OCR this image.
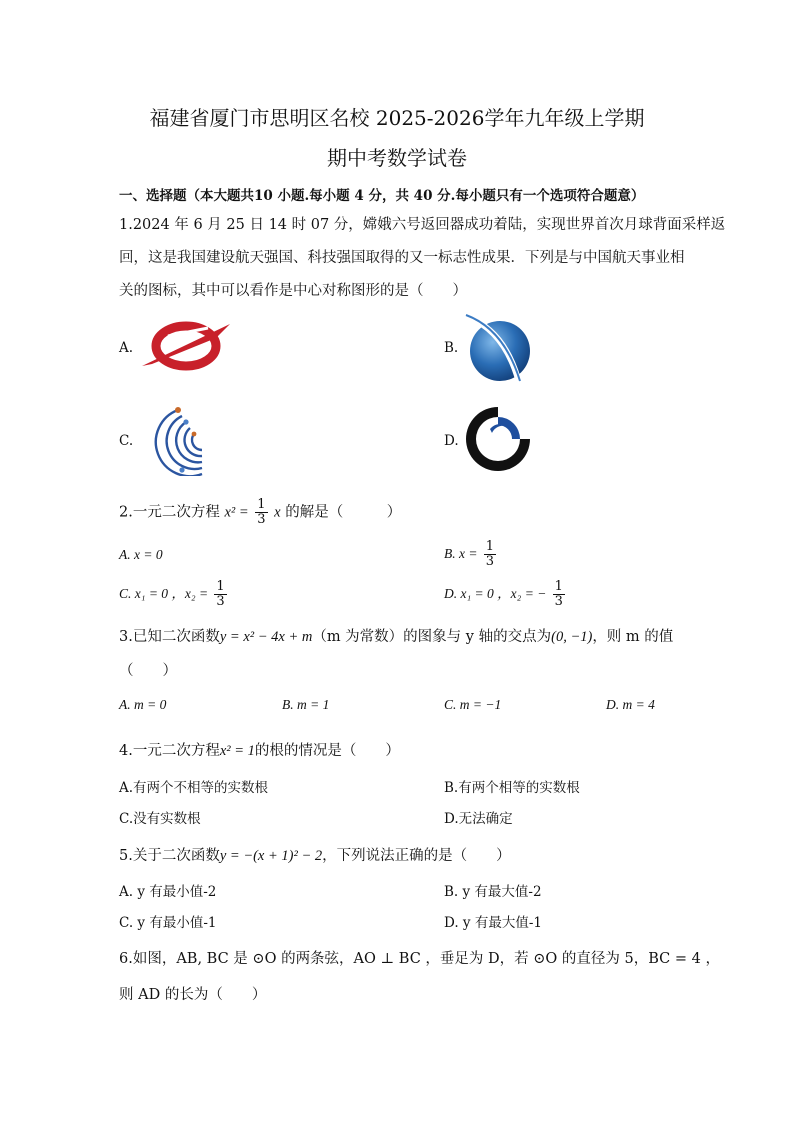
福建省厦门市思明区名校 2025-2026学年九年级上学期
期中考数学试卷
一、选择题（本大题共10 小题.每小题 4 分，共 40 分.每小题只有一个选项符合题意）
1.2024 年 6 月 25 日 14 时 07 分，嫦娥六号返回器成功着陆，实现世界首次月球背面采样返
回，这是我国建设航天强国、科技强国取得的又一标志性成果．下列是与中国航天事业相
关的图标，其中可以看作是中心对称图形的是（　　）
A.	B.
C.	D.
2.一元二次方程 $x^2 = \frac{1}{3}$ x 的解是（　　　）
A. x = 0	B. $x = \frac{1}{3}$
C. x₁ = 0 ，$x_2 = \frac{1}{3}$	D. x₁ = 0 ，x₂ = − $\frac{1}{3}$
3.已知二次函数y = x² − 4x + m（m 为常数）的图象与 y 轴的交点为(0, −1)，则 m 的值
（　　）
A. m = 0	B. m = 1	C. m = −1	D. m = 4
4.一元二次方程x² = 1的根的情况是（　　）
A.有两个不相等的实数根	B.有两个相等的实数根
C.没有实数根	D.无法确定
5.关于二次函数y = −(x + 1)² − 2，下列说法正确的是（　　）
A. y 有最小值-2	B. y 有最大值-2
C. y 有最小值-1	D. y 有最大值-1
6.如图，AB, BC 是 ⊙O 的两条弦，AO ⊥ BC ，垂足为 D，若 ⊙O 的直径为 5，BC = 4 ，
则 AD 的长为（　　）
